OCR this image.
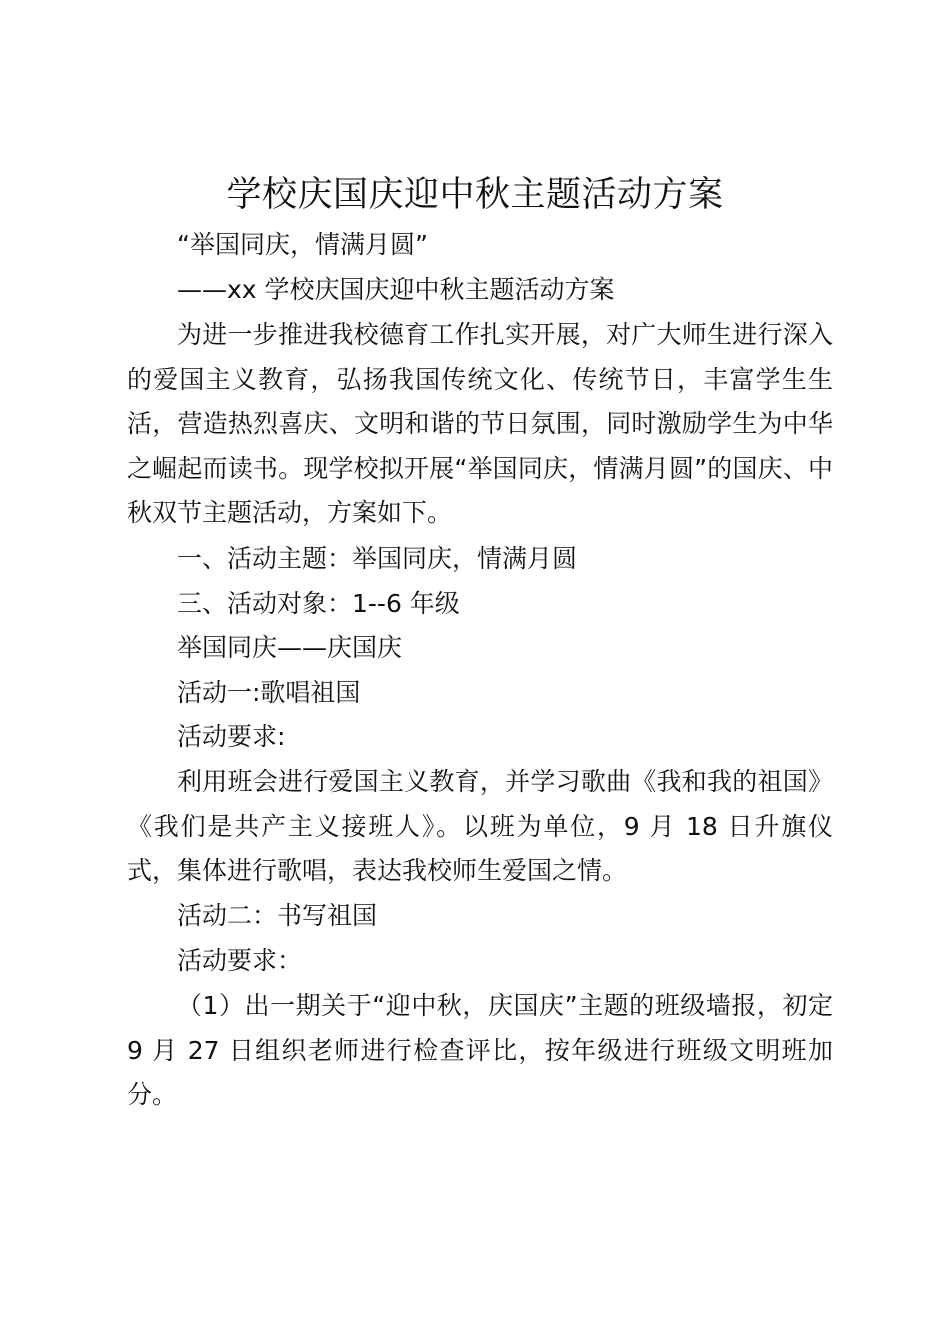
学校庆国庆迎中秋主题活动方案

“举国同庆，情满月圆”

——xx 学校庆国庆迎中秋主题活动方案

为进一步推进我校德育工作扎实开展，对广大师生进行深入的爱国主义教育，弘扬我国传统文化、传统节日，丰富学生生活，营造热烈喜庆、文明和谐的节日氛围，同时激励学生为中华之崛起而读书。现学校拟开展“举国同庆，情满月圆”的国庆、中秋双节主题活动，方案如下。

一、活动主题：举国同庆，情满月圆

三、活动对象：1--6 年级

举国同庆——庆国庆

活动一:歌唱祖国

活动要求:

利用班会进行爱国主义教育，并学习歌曲《我和我的祖国》《我们是共产主义接班人》。以班为单位，9 月 18 日升旗仪式，集体进行歌唱，表达我校师生爱国之情。

活动二：书写祖国

活动要求：

（1）出一期关于“迎中秋，庆国庆”主题的班级墙报，初定 9 月 27 日组织老师进行检查评比，按年级进行班级文明班加分。
